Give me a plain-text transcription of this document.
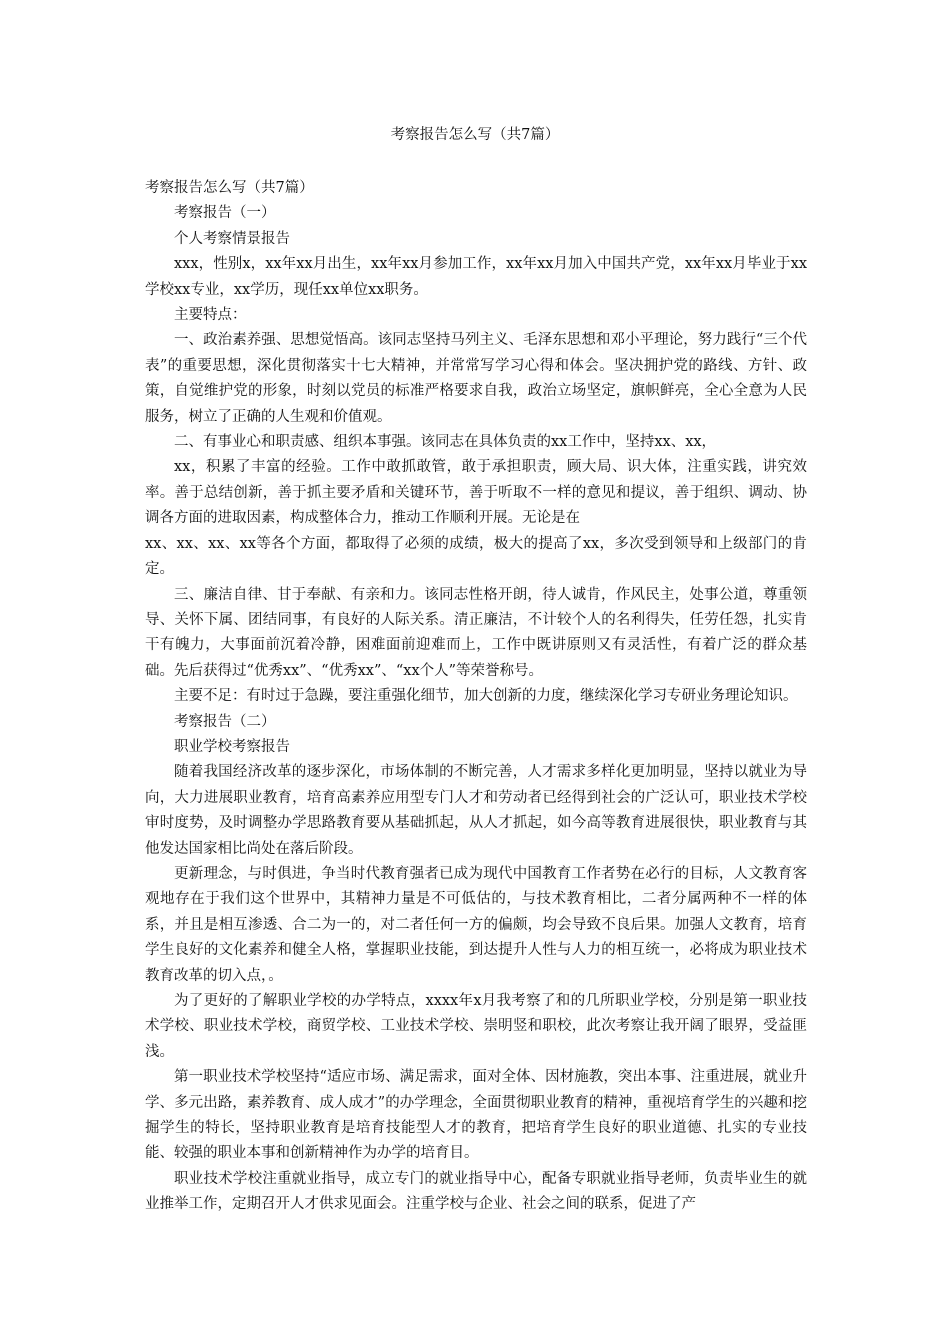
考察报告怎么写（共7篇）

考察报告怎么写（共7篇）

考察报告（一）

个人考察情景报告

xxx，性别x，xx年xx月出生，xx年xx月参加工作，xx年xx月加入中国共产党，xx年xx月毕业于xx学校xx专业，xx学历，现任xx单位xx职务。

主要特点：

一、政治素养强、思想觉悟高。该同志坚持马列主义、毛泽东思想和邓小平理论，努力践行“三个代表”的重要思想，深化贯彻落实十七大精神，并常常写学习心得和体会。坚决拥护党的路线、方针、政策，自觉维护党的形象，时刻以党员的标准严格要求自我，政治立场坚定，旗帜鲜亮，全心全意为人民服务，树立了正确的人生观和价值观。

二、有事业心和职责感、组织本事强。该同志在具体负责的xx工作中，坚持xx、xx，

xx，积累了丰富的经验。工作中敢抓敢管，敢于承担职责，顾大局、识大体，注重实践，讲究效率。善于总结创新，善于抓主要矛盾和关键环节，善于听取不一样的意见和提议，善于组织、调动、协调各方面的进取因素，构成整体合力，推动工作顺利开展。无论是在

xx、xx、xx、xx等各个方面，都取得了必须的成绩，极大的提高了xx，多次受到领导和上级部门的肯定。

三、廉洁自律、甘于奉献、有亲和力。该同志性格开朗，待人诚肯，作风民主，处事公道，尊重领导、关怀下属、团结同事，有良好的人际关系。清正廉洁，不计较个人的名利得失，任劳任怨，扎实肯干有魄力，大事面前沉着冷静，困难面前迎难而上，工作中既讲原则又有灵活性，有着广泛的群众基础。先后获得过“优秀xx”、“优秀xx”、“xx个人”等荣誉称号。

主要不足：有时过于急躁，要注重强化细节，加大创新的力度，继续深化学习专研业务理论知识。

考察报告（二）

职业学校考察报告

随着我国经济改革的逐步深化，市场体制的不断完善，人才需求多样化更加明显，坚持以就业为导向，大力进展职业教育，培育高素养应用型专门人才和劳动者已经得到社会的广泛认可，职业技术学校审时度势，及时调整办学思路教育要从基础抓起，从人才抓起，如今高等教育进展很快，职业教育与其他发达国家相比尚处在落后阶段。

更新理念，与时俱进，争当时代教育强者已成为现代中国教育工作者势在必行的目标，人文教育客观地存在于我们这个世界中，其精神力量是不可低估的，与技术教育相比，二者分属两种不一样的体系，并且是相互渗透、合二为一的，对二者任何一方的偏颇，均会导致不良后果。加强人文教育，培育学生良好的文化素养和健全人格，掌握职业技能，到达提升人性与人力的相互统一，必将成为职业技术教育改革的切入点，。

为了更好的了解职业学校的办学特点，xxxx年x月我考察了和的几所职业学校，分别是第一职业技术学校、职业技术学校，商贸学校、工业技术学校、崇明竖和职校，此次考察让我开阔了眼界，受益匪浅。

第一职业技术学校坚持“适应市场、满足需求，面对全体、因材施教，突出本事、注重进展，就业升学、多元出路，素养教育、成人成才”的办学理念，全面贯彻职业教育的精神，重视培育学生的兴趣和挖掘学生的特长，坚持职业教育是培育技能型人才的教育，把培育学生良好的职业道德、扎实的专业技能、较强的职业本事和创新精神作为办学的培育目。

职业技术学校注重就业指导，成立专门的就业指导中心，配备专职就业指导老师，负责毕业生的就业推举工作，定期召开人才供求见面会。注重学校与企业、社会之间的联系，促进了产
